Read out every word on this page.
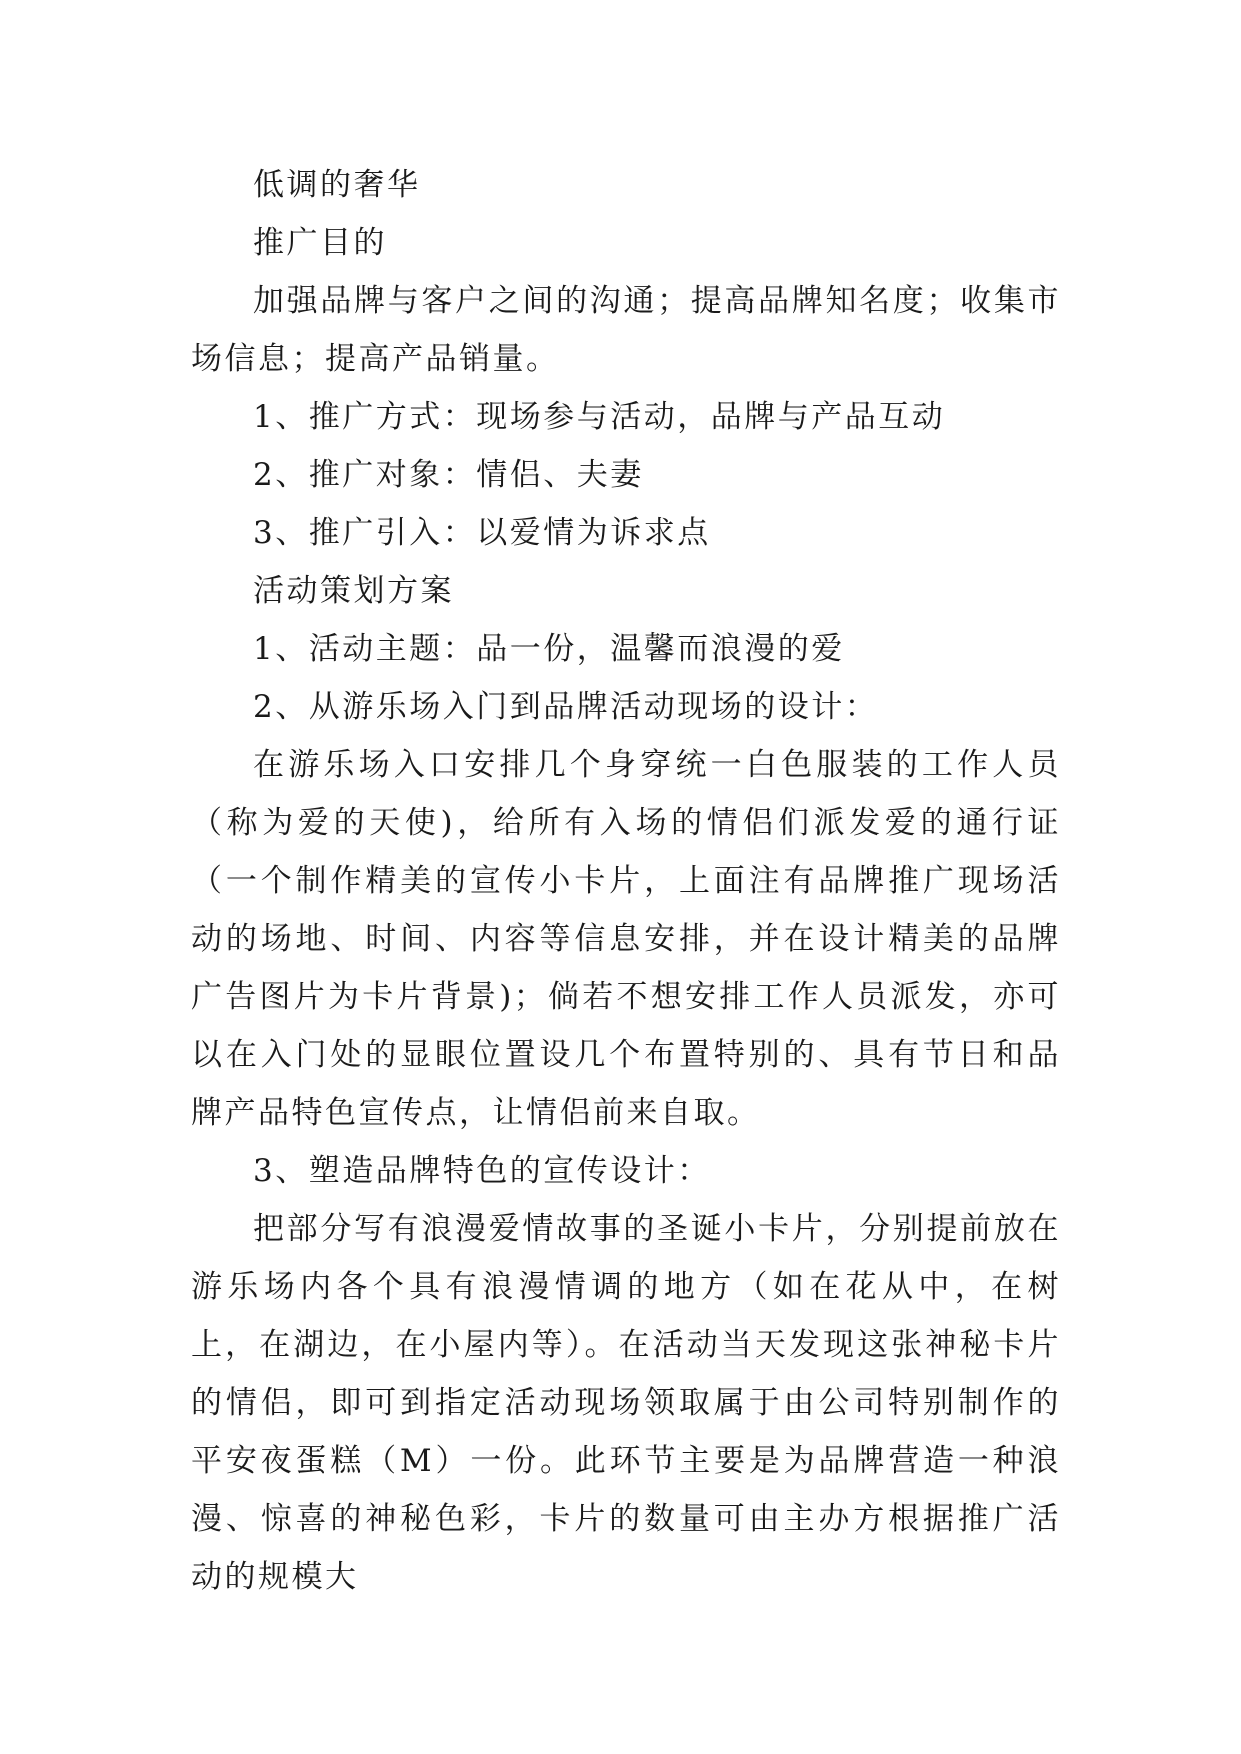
低调的奢华

推广目的

加强品牌与客户之间的沟通；提高品牌知名度；收集市场信息；提高产品销量。

1、推广方式：现场参与活动，品牌与产品互动

2、推广对象：情侣、夫妻

3、推广引入：以爱情为诉求点

活动策划方案

1、活动主题：品一份，温馨而浪漫的爱

2、从游乐场入门到品牌活动现场的设计：

在游乐场入口安排几个身穿统一白色服装的工作人员（称为爱的天使)，给所有入场的情侣们派发爱的通行证（一个制作精美的宣传小卡片，上面注有品牌推广现场活动的场地、时间、内容等信息安排，并在设计精美的品牌广告图片为卡片背景)；倘若不想安排工作人员派发，亦可以在入门处的显眼位置设几个布置特别的、具有节日和品牌产品特色宣传点，让情侣前来自取。

3、塑造品牌特色的宣传设计：

把部分写有浪漫爱情故事的圣诞小卡片，分别提前放在游乐场内各个具有浪漫情调的地方（如在花从中，在树上，在湖边，在小屋内等）。在活动当天发现这张神秘卡片的情侣，即可到指定活动现场领取属于由公司特别制作的平安夜蛋糕（M）一份。此环节主要是为品牌营造一种浪漫、惊喜的神秘色彩，卡片的数量可由主办方根据推广活动的规模大
